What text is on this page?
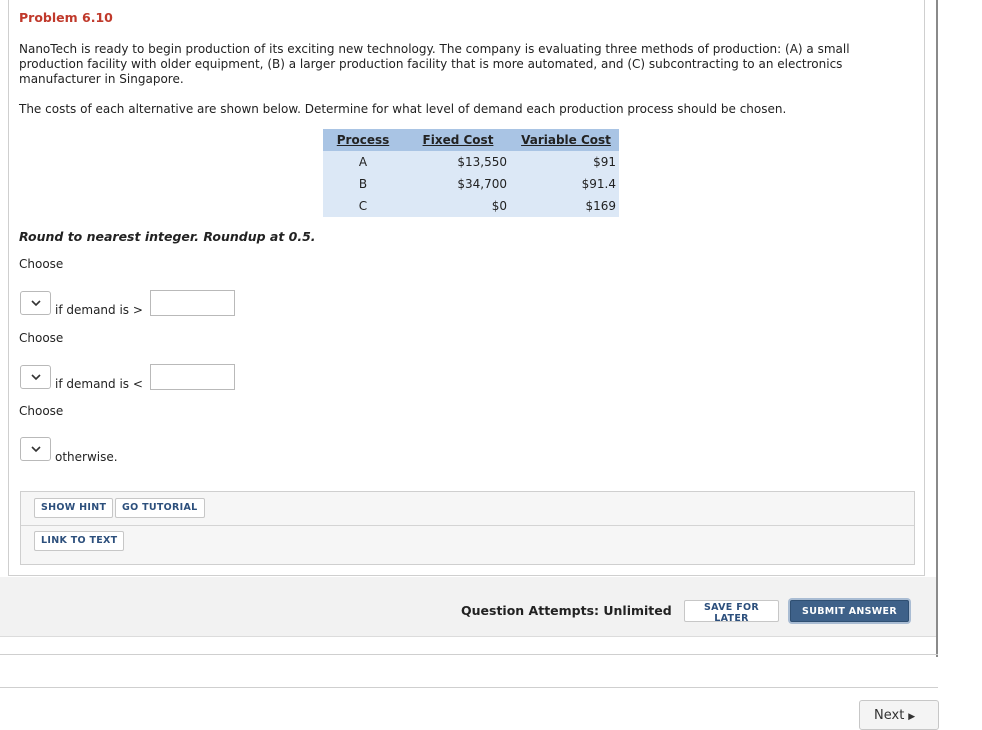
Problem 6.10
NanoTech is ready to begin production of its exciting new technology. The company is evaluating three methods of production: (A) a small production facility with older equipment, (B) a larger production facility that is more automated, and (C) subcontracting to an electronics manufacturer in Singapore.
The costs of each alternative are shown below. Determine for what level of demand each production process should be chosen.
Process	Fixed Cost	Variable Cost
A	$13,550	$91
B	$34,700	$91.4
C	$0	$169
Round to nearest integer. Roundup at 0.5.
Choose
if demand is >
Choose
if demand is <
Choose
otherwise.
SHOW HINT	GO TUTORIAL
LINK TO TEXT
Question Attempts: Unlimited	SAVE FOR LATER
SUBMIT ANSWER
Next ▶
